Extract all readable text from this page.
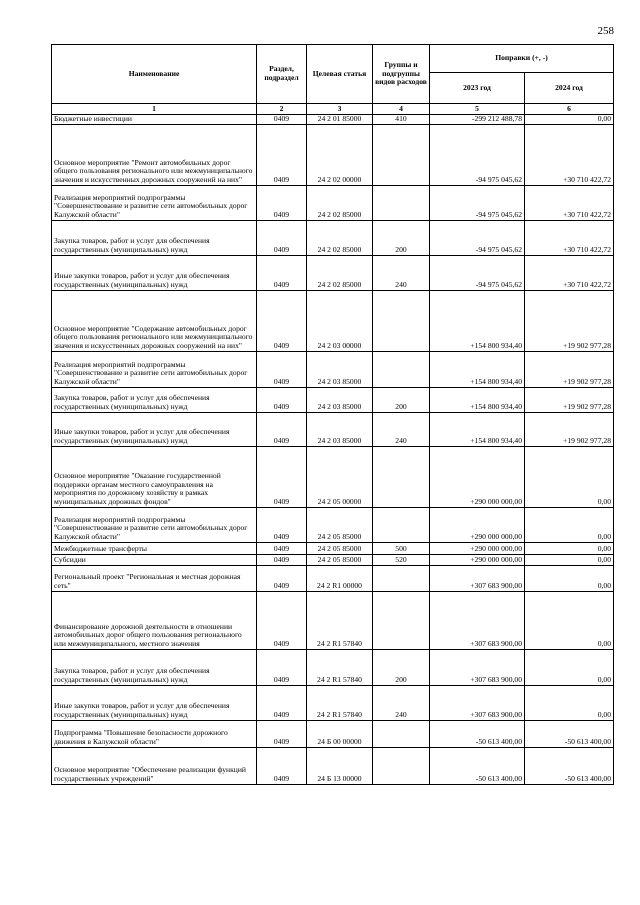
258
Наименование	Раздел, подраздел	Целевая статья	Группы и подгруппы видов расходов	Поправки (+, -)	
				2023 год	2024 год
1	2	3	4	5	6
Бюджетные инвестиции	0409	24 2 01 85000	410	-299 212 488,78	0,00
Основное мероприятие "Ремонт автомобильных дорог общего пользования регионального или межмуниципального значения и искусственных дорожных сооружений на них"	0409	24 2 02 00000		-94 975 045,62	+30 710 422,72
Реализация мероприятий подпрограммы "Совершенствование и развитие сети автомобильных дорог Калужской области"	0409	24 2 02 85000		-94 975 045,62	+30 710 422,72
Закупка товаров, работ и услуг для обеспечения государственных (муниципальных) нужд	0409	24 2 02 85000	200	-94 975 045,62	+30 710 422,72
Иные закупки товаров, работ и услуг для обеспечения государственных (муниципальных) нужд	0409	24 2 02 85000	240	-94 975 045,62	+30 710 422,72
Основное мероприятие "Содержание автомобильных дорог общего пользования регионального или межмуниципального значения и искусственных дорожных сооружений на них"	0409	24 2 03 00000		+154 800 934,40	+19 902 977,28
Реализация мероприятий подпрограммы "Совершенствование и развитие сети автомобильных дорог Калужской области"	0409	24 2 03 85000		+154 800 934,40	+19 902 977,28
Закупка товаров, работ и услуг для обеспечения государственных (муниципальных) нужд	0409	24 2 03 85000	200	+154 800 934,40	+19 902 977,28
Иные закупки товаров, работ и услуг для обеспечения государственных (муниципальных) нужд	0409	24 2 03 85000	240	+154 800 934,40	+19 902 977,28
Основное мероприятие "Оказание государственной поддержки органам местного самоуправления на мероприятия по дорожному хозяйству в рамках муниципальных дорожных фондов"	0409	24 2 05 00000		+290 000 000,00	0,00
Реализация мероприятий подпрограммы "Совершенствование и развитие сети автомобильных дорог Калужской области"	0409	24 2 05 85000		+290 000 000,00	0,00
Межбюджетные трансферты	0409	24 2 05 85000	500	+290 000 000,00	0,00
Субсидии	0409	24 2 05 85000	520	+290 000 000,00	0,00
Региональный проект "Региональная и местная дорожная сеть"	0409	24 2 R1 00000		+307 683 900,00	0,00
Финансирование дорожной деятельности в отношении автомобильных дорог общего пользования регионального или межмуниципального, местного значения	0409	24 2 R1 57840		+307 683 900,00	0,00
Закупка товаров, работ и услуг для обеспечения государственных (муниципальных) нужд	0409	24 2 R1 57840	200	+307 683 900,00	0,00
Иные закупки товаров, работ и услуг для обеспечения государственных (муниципальных) нужд	0409	24 2 R1 57840	240	+307 683 900,00	0,00
Подпрограмма "Повышение безопасности дорожного движения в Калужской области"	0409	24 Б 00 00000		-50 613 400,00	-50 613 400,00
Основное мероприятие "Обеспечение реализации функций государственных учреждений"	0409	24 Б 13 00000		-50 613 400,00	-50 613 400,00
